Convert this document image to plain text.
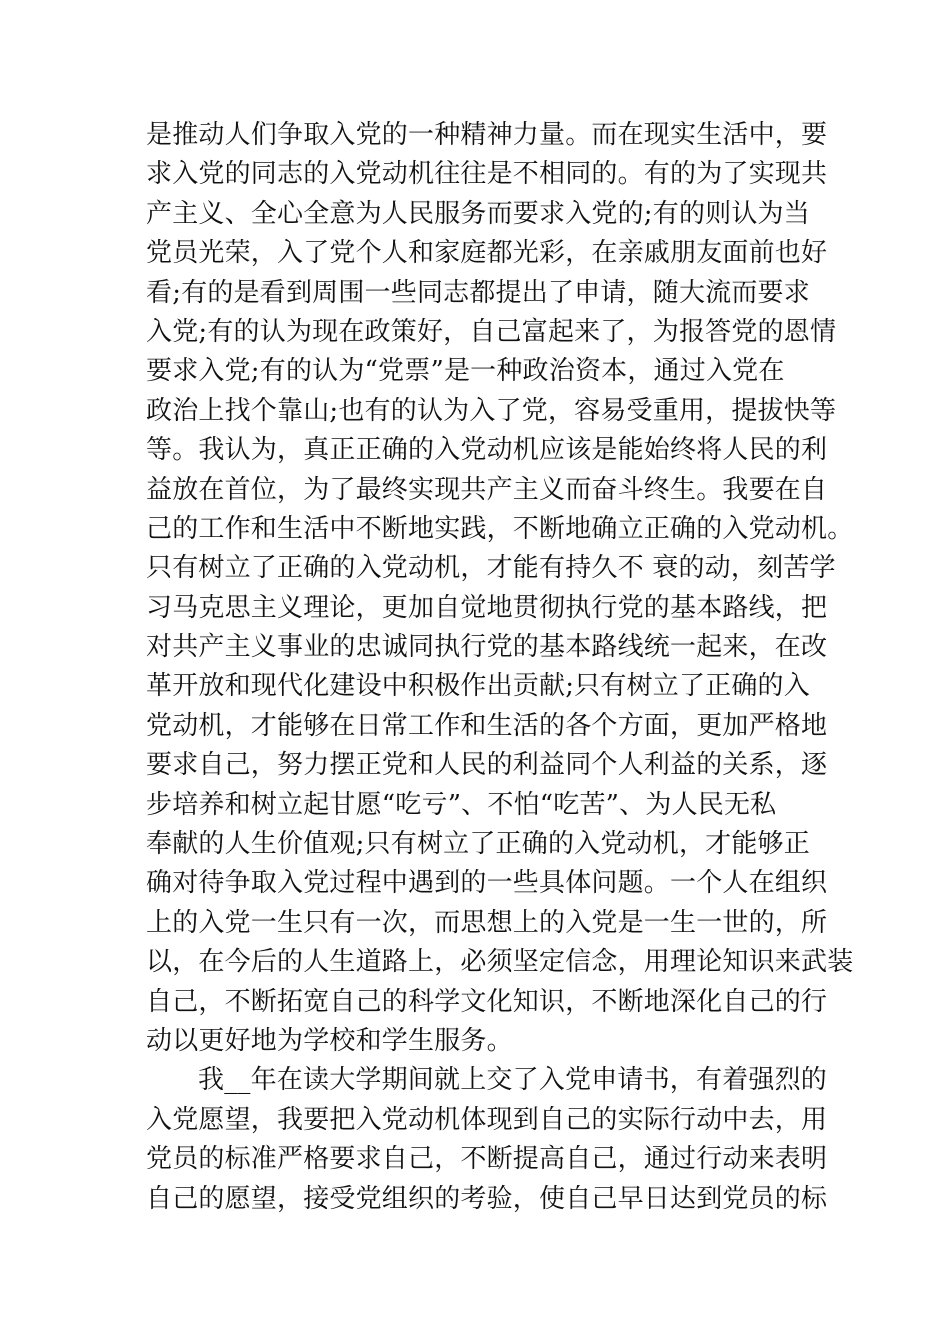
是推动人们争取入党的一种精神力量。而在现实生活中，要
求入党的同志的入党动机往往是不相同的。有的为了实现共
产主义、全心全意为人民服务而要求入党的;有的则认为当
党员光荣，入了党个人和家庭都光彩，在亲戚朋友面前也好
看;有的是看到周围一些同志都提出了申请，随大流而要求
入党;有的认为现在政策好，自己富起来了，为报答党的恩情
要求入党;有的认为“党票”是一种政治资本，通过入党在
政治上找个靠山;也有的认为入了党，容易受重用，提拔快等
等。我认为，真正正确的入党动机应该是能始终将人民的利
益放在首位，为了最终实现共产主义而奋斗终生。我要在自
己的工作和生活中不断地实践，不断地确立正确的入党动机。
只有树立了正确的入党动机，才能有持久不 衰的动，刻苦学
习马克思主义理论，更加自觉地贯彻执行党的基本路线，把
对共产主义事业的忠诚同执行党的基本路线统一起来，在改
革开放和现代化建设中积极作出贡献;只有树立了正确的入
党动机，才能够在日常工作和生活的各个方面，更加严格地
要求自己，努力摆正党和人民的利益同个人利益的关系，逐
步培养和树立起甘愿“吃亏”、不怕“吃苦”、为人民无私
奉献的人生价值观;只有树立了正确的入党动机，才能够正
确对待争取入党过程中遇到的一些具体问题。一个人在组织
上的入党一生只有一次，而思想上的入党是一生一世的，所
以，在今后的人生道路上，必须坚定信念，用理论知识来武装
自己，不断拓宽自己的科学文化知识，不断地深化自己的行
动以更好地为学校和学生服务。
我__年在读大学期间就上交了入党申请书，有着强烈的
入党愿望，我要把入党动机体现到自己的实际行动中去，用
党员的标准严格要求自己，不断提高自己，通过行动来表明
自己的愿望，接受党组织的考验，使自己早日达到党员的标
